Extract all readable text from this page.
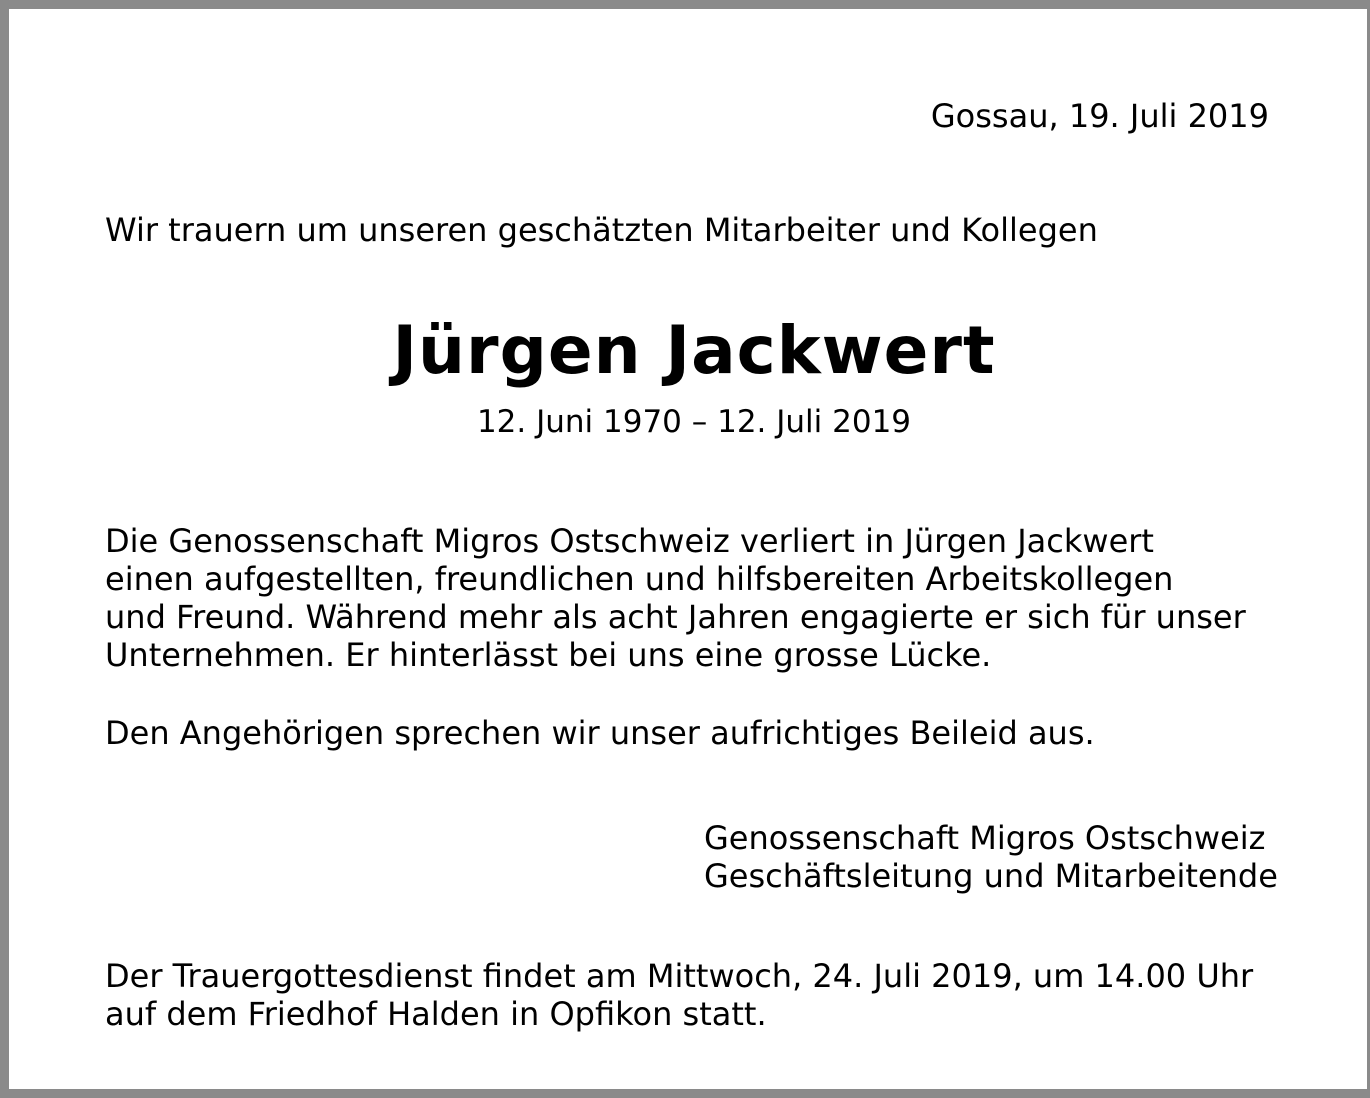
Gossau, 19. Juli 2019

Wir trauern um unseren geschätzten Mitarbeiter und Kollegen

Jürgen Jackwert

12. Juni 1970 – 12. Juli 2019

Die Genossenschaft Migros Ostschweiz verliert in Jürgen Jackwert
einen aufgestellten, freundlichen und hilfsbereiten Arbeitskollegen
und Freund. Während mehr als acht Jahren engagierte er sich für unser
Unternehmen. Er hinterlässt bei uns eine grosse Lücke.

Den Angehörigen sprechen wir unser aufrichtiges Beileid aus.

Genossenschaft Migros Ostschweiz
Geschäftsleitung und Mitarbeitende

Der Trauergottesdienst findet am Mittwoch, 24. Juli 2019, um 14.00 Uhr
auf dem Friedhof Halden in Opfikon statt.
